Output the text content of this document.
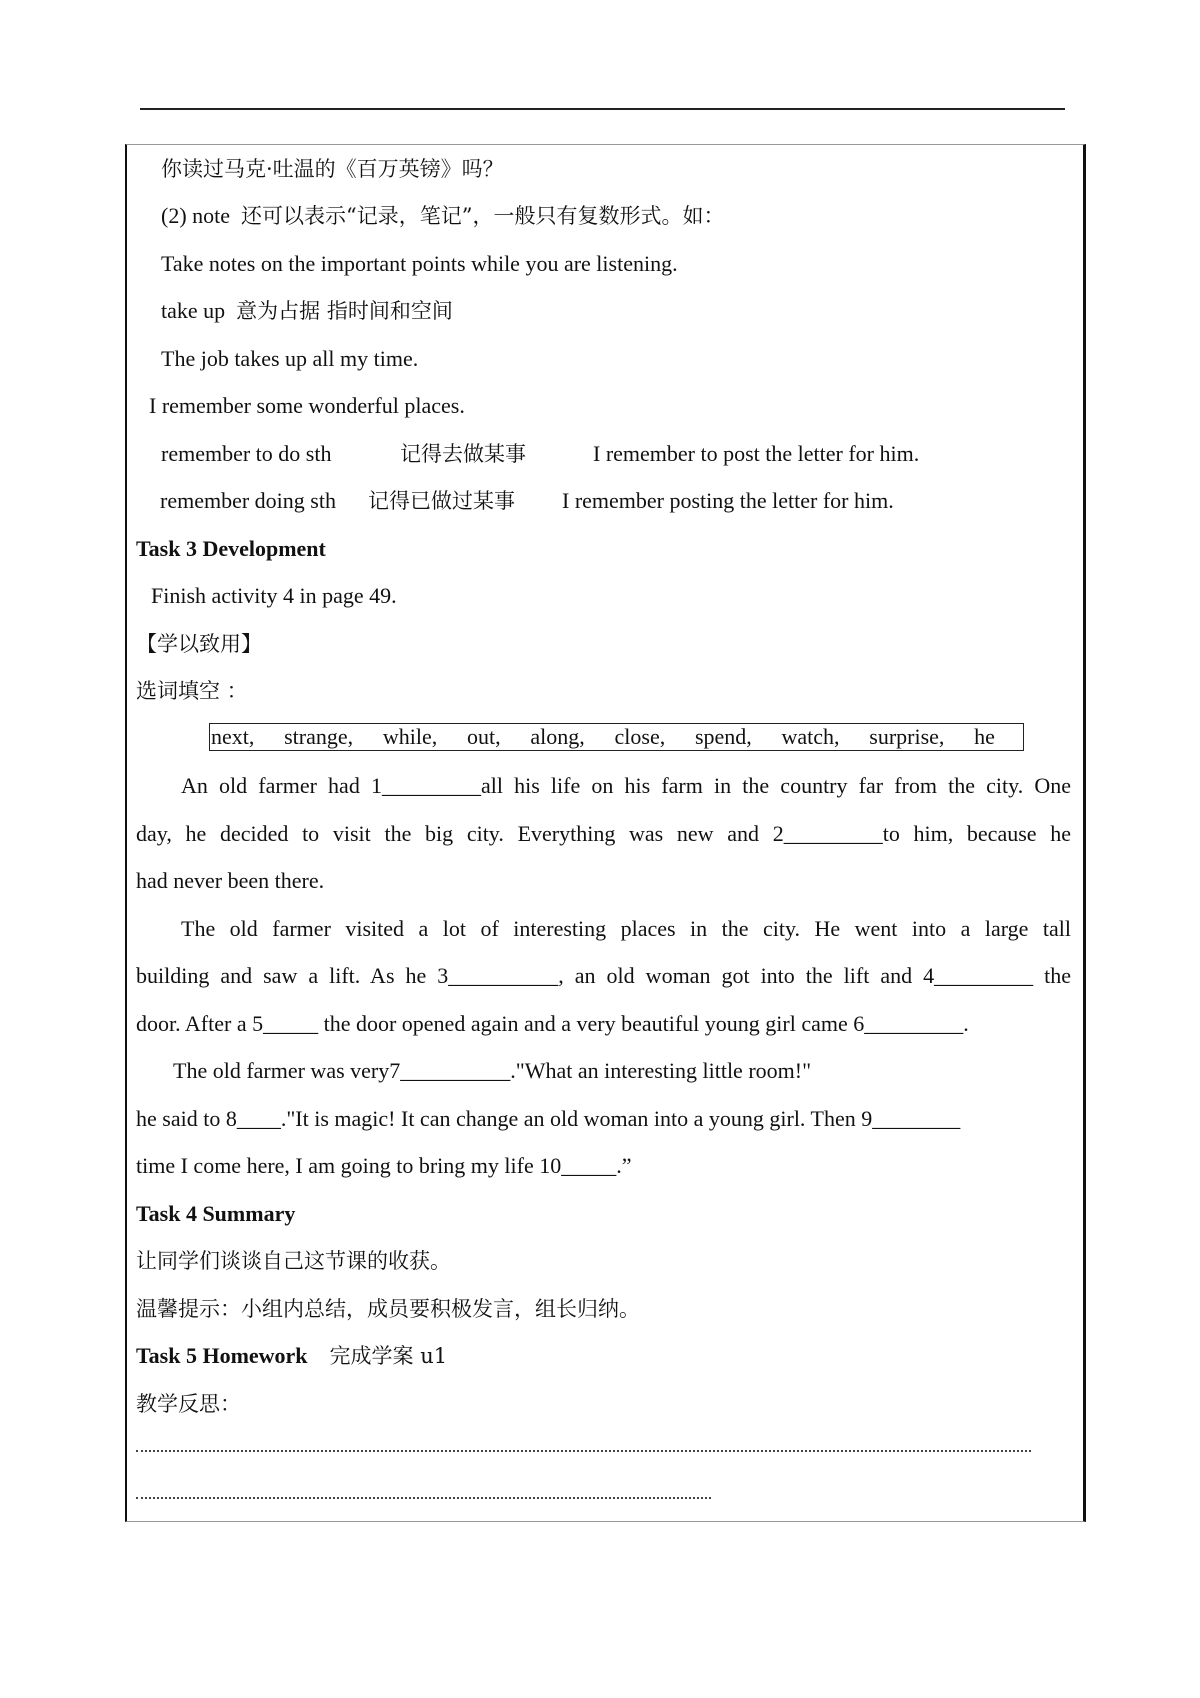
你读过马克·吐温的《百万英镑》吗？
(2) note 还可以表示“记录，笔记”，一般只有复数形式。如：
Take notes on the important points while you are listening.
take up 意为占据 指时间和空间
The job takes up all my time.
I remember some wonderful places.
remember to do sth	记得去做某事	I remember to post the letter for him.
remember doing sth 记得已做过某事 I remember posting the letter for him.
Task 3 Development
Finish activity 4 in page 49.
【学以致用】
选词填空 ：
next, strange, while, out, along, close, spend, watch, surprise, he
An old farmer had 1_________all his life on his farm in the country far from the city. One
day, he decided to visit the big city. Everything was new and 2_________to him, because he
had never been there.
The old farmer visited a lot of interesting places in the city. He went into a large tall
building and saw a lift. As he 3__________, an old woman got into the lift and 4_________ the
door. After a 5_____ the door opened again and a very beautiful young girl came 6_________.
The old farmer was very7__________."What an interesting little room!"
he said to 8____."It is magic! It can change an old woman into a young girl. Then 9________
time I come here, I am going to bring my life 10_____.”
Task 4 Summary
让同学们谈谈自己这节课的收获。
温馨提示：小组内总结，成员要积极发言，组长归纳。
Task 5 Homework 完成学案 u1
教学反思：
